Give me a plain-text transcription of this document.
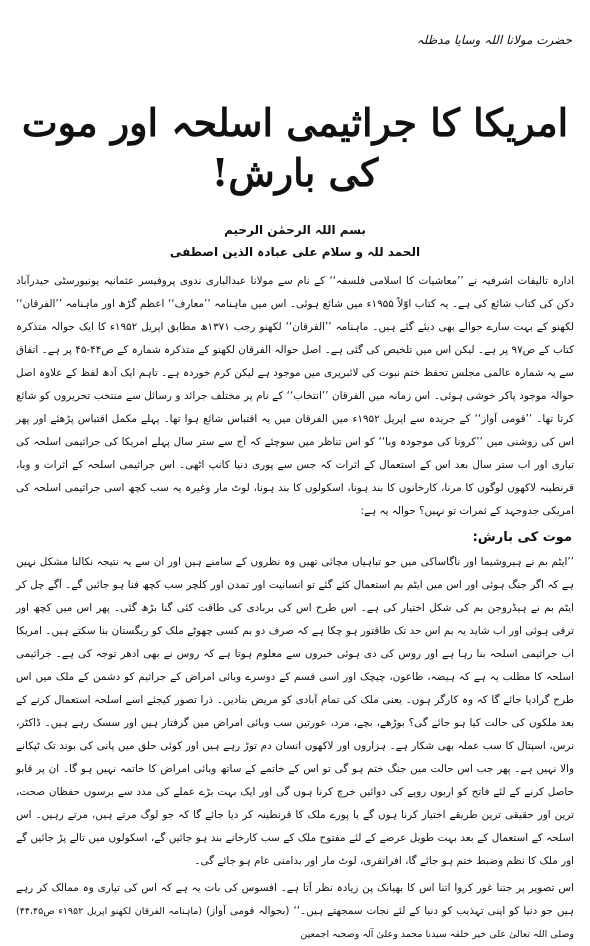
حضرت مولانا اللہ وسایا مدظلہ
امریکا کا جراثیمی اسلحہ اور موت کی بارش!
بسم اللہ الرحمٰن الرحیم
الحمد للہ و سلام علی عبادہ الذین اصطفی

ادارہ تالیفات اشرفیہ نے ’’معاشیات کا اسلامی فلسفہ‘‘ کے نام سے مولانا عبدالباری ندوی پروفیسر عثمانیہ یونیورسٹی حیدرآباد دکن کی کتاب شائع کی ہے۔ یہ کتاب اوّلاً ۱۹۵۵ء میں شائع ہوئی۔ اس میں ماہنامہ ’’معارف‘‘ اعظم گڑھ اور ماہنامہ ’’الفرقان‘‘ لکھنو کے بہت سارے حوالے بھی دیئے گئے ہیں۔ ماہنامہ ’’الفرقان‘‘ لکھنو رجب ۱۳۷۱ھ مطابق اپریل ۱۹۵۲ء کا ایک حوالہ متذکرہ کتاب کے ص۹۷ پر ہے۔ لیکن اس میں تلخیص کی گئی ہے۔ اصل حوالہ الفرقان لکھنو کے متذکرہ شمارہ کے ص۴۴-۴۵ پر ہے۔ اتفاق سے یہ شمارہ عالمی مجلس تحفظ ختم نبوت کی لائبریری میں موجود ہے لیکن کرم خوردہ ہے۔ تاہم ایک آدھ لفظ کے علاوہ اصل حوالہ موجود پاکر خوشی ہوئی۔ اس زمانہ میں الفرقان ’’انتخاب‘‘ کے نام پر مختلف جرائد و رسائل سے منتخب تحریروں کو شائع کرتا تھا۔ ’’قومی آواز‘‘ کے جریدہ سے اپریل ۱۹۵۲ء میں الفرقان میں یہ اقتباس شائع ہوا تھا۔ پہلے مکمل اقتباس پڑھئے اور پھر اس کی روشنی میں ’’کرونا کی موجودہ وبا‘‘ کو اس تناظر میں سوچئے کہ آج سے ستر سال پہلے امریکا کی جراثیمی اسلحہ کی تیاری اور اب ستر سال بعد اس کے استعمال کے اثرات کہ جس سے پوری دنیا کانپ اٹھی۔ اس جراثیمی اسلحہ کے اثرات و وبا، قرنطینہ لاکھوں لوگوں کا مرنا، کارخانوں کا بند ہونا، اسکولوں کا بند ہونا، لوٹ مار وغیرہ یہ سب کچھ اسی جراثیمی اسلحہ کی امریکی جدوجہد کے ثمرات تو نہیں؟ حوالہ یہ ہے:

موت کی بارش:

’’ایٹم بم نے ہیروشیما اور ناگاساکی میں جو تباہیاں مچائی تھیں وہ نظروں کے سامنے ہیں اور ان سے یہ نتیجہ نکالنا مشکل نہیں ہے کہ اگر جنگ ہوئی اور اس میں ایٹم بم استعمال کئے گئے تو انسانیت اور تمدن اور کلچر سب کچھ فنا ہو جائیں گے۔ آگے چل کر ایٹم بم نے ہیڈروجن بم کی شکل اختیار کی ہے۔ اس طرح اس کی بربادی کی طاقت کئی گنا بڑھ گئی۔ پھر اس میں کچھ اور ترقی ہوئی اور اب شاید یہ بم اس حد تک طاقتور ہو چکا ہے کہ صرف دو بم کسی چھوٹے ملک کو ریگستان بنا سکتے ہیں۔ امریکا اب جراثیمی اسلحہ بنا رہا ہے اور روس کی دی ہوئی خبروں سے معلوم ہوتا ہے کہ روس نے بھی ادھر توجہ کی ہے۔ جراثیمی اسلحہ کا مطلب یہ ہے کہ ہیضہ، طاعون، چیچک اور اسی قسم کے دوسرے وبائی امراض کے جراثیم کو دشمن کے ملک میں اس طرح گرادیا جائے گا کہ وہ کارگر ہوں۔ یعنی ملک کی تمام آبادی کو مریض بنادیں۔ ذرا تصور کیجئے اسے اسلحہ استعمال کرنے کے بعد ملکوں کی حالت کیا ہو جائے گی؟ بوڑھے، بچے، مرد، عورتیں سب وبائی امراض میں گرفتار ہیں اور سسک رہے ہیں۔ ڈاکٹر، نرس، اسپتال کا سب عملہ بھی شکار ہے۔ ہزاروں اور لاکھوں انسان دم توڑ رہے ہیں اور کوئی حلق میں پانی کی بوند تک ٹپکانے والا نہیں ہے۔ پھر جب اس حالت میں جنگ ختم ہو گی تو اس کے خاتمے کے ساتھ وبائی امراض کا خاتمہ نہیں ہو گا۔ ان پر قابو حاصل کرنے کے لئے فاتح کو اربوں روپے کی دوائیں خرچ کرنا ہوں گی اور ایک بہت بڑے عملے کی مدد سے برسوں حفظان صحت، ترین اور حقیقی ترین طریقے اختیار کرنا ہوں گے یا پورے ملک کا قرنطینہ کر دیا جائے گا کہ جو لوگ مرتے ہیں، مرتے رہیں۔ اس اسلحہ کے استعمال کے بعد بہت طویل عرصے کے لئے مفتوح ملک کے سب کارخانے بند ہو جائیں گے، اسکولوں میں تالے پڑ جائیں گے اور ملک کا نظم وضبط ختم ہو جائے گا، افراتفری، لوٹ مار اور بدامنی عام ہو جائے گی۔

اس تصویر پر جتنا غور کروا اتنا اس کا بھیانک پن زیادہ نظر آتا ہے۔ افسوس کی بات یہ ہے کہ اس کی تیاری وہ ممالک کر رہے ہیں جو دنیا کو اپنی تہذیب کو دنیا کے لئے نجات سمجھتے ہیں۔‘‘ (بحوالہ قومی آواز) (ماہنامہ الفرقان لکھنو اپریل ۱۹۵۲ء ص۴۴،۴۵) وصلی اللہ تعالیٰ علی خیر خلقہ سیدنا محمد وعلیٰ آلہ وصحبہ اجمعین
